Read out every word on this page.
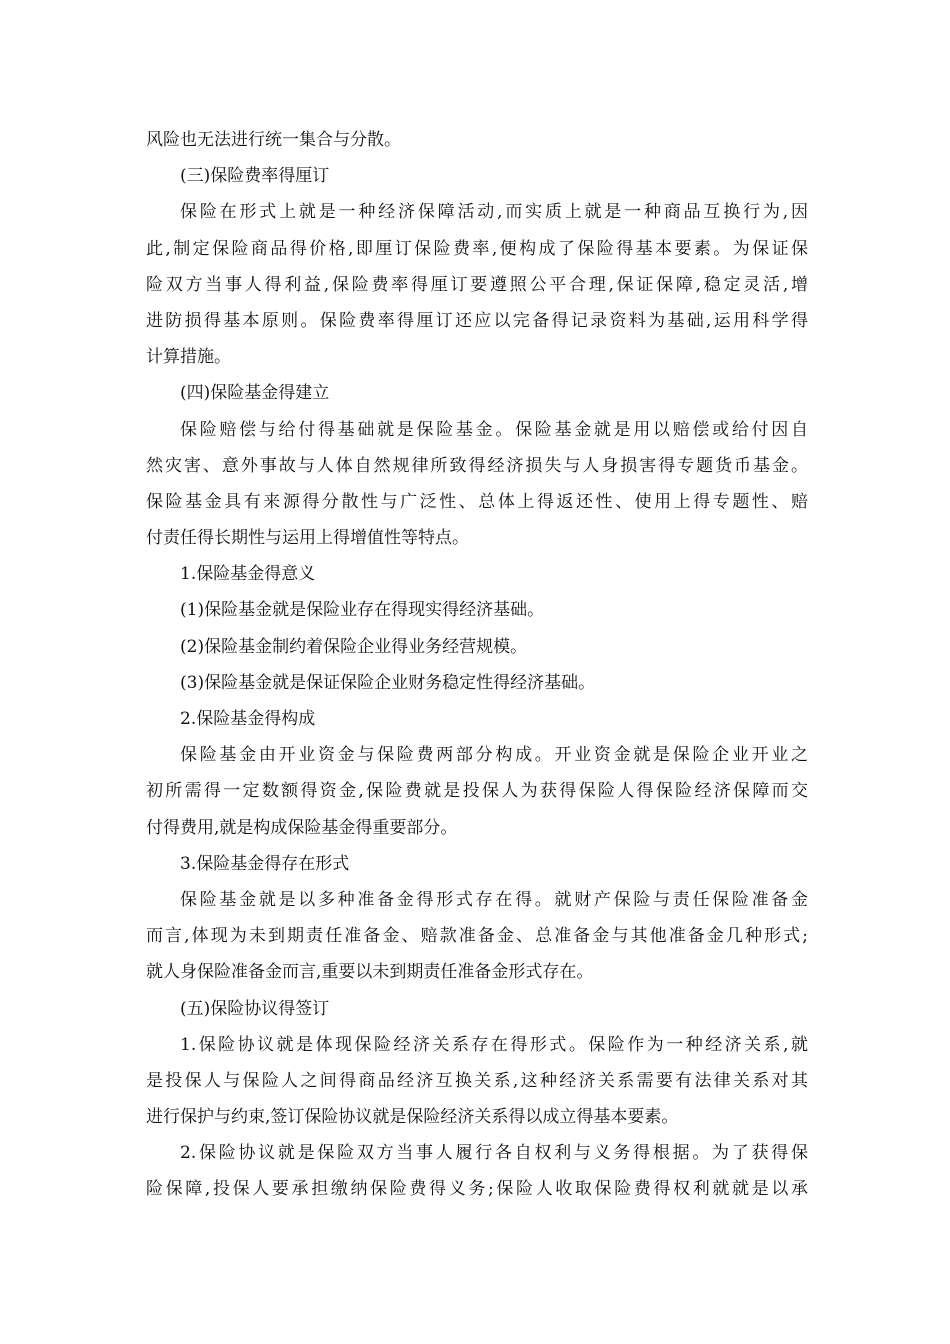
风险也无法进行统一集合与分散。
(三)保险费率得厘订
保险在形式上就是一种经济保障活动,而实质上就是一种商品互换行为,因
此,制定保险商品得价格,即厘订保险费率,便构成了保险得基本要素。为保证保
险双方当事人得利益,保险费率得厘订要遵照公平合理,保证保障,稳定灵活,增
进防损得基本原则。保险费率得厘订还应以完备得记录资料为基础,运用科学得
计算措施。
(四)保险基金得建立
保险赔偿与给付得基础就是保险基金。保险基金就是用以赔偿或给付因自
然灾害、意外事故与人体自然规律所致得经济损失与人身损害得专题货币基金。
保险基金具有来源得分散性与广泛性、总体上得返还性、使用上得专题性、赔
付责任得长期性与运用上得增值性等特点。
1.保险基金得意义
(1)保险基金就是保险业存在得现实得经济基础。
(2)保险基金制约着保险企业得业务经营规模。
(3)保险基金就是保证保险企业财务稳定性得经济基础。
2.保险基金得构成
保险基金由开业资金与保险费两部分构成。开业资金就是保险企业开业之
初所需得一定数额得资金,保险费就是投保人为获得保险人得保险经济保障而交
付得费用,就是构成保险基金得重要部分。
3.保险基金得存在形式
保险基金就是以多种准备金得形式存在得。就财产保险与责任保险准备金
而言,体现为未到期责任准备金、赔款准备金、总准备金与其他准备金几种形式;
就人身保险准备金而言,重要以未到期责任准备金形式存在。
(五)保险协议得签订
1.保险协议就是体现保险经济关系存在得形式。保险作为一种经济关系,就
是投保人与保险人之间得商品经济互换关系,这种经济关系需要有法律关系对其
进行保护与约束,签订保险协议就是保险经济关系得以成立得基本要素。
2.保险协议就是保险双方当事人履行各自权利与义务得根据。为了获得保
险保障,投保人要承担缴纳保险费得义务;保险人收取保险费得权利就就是以承
